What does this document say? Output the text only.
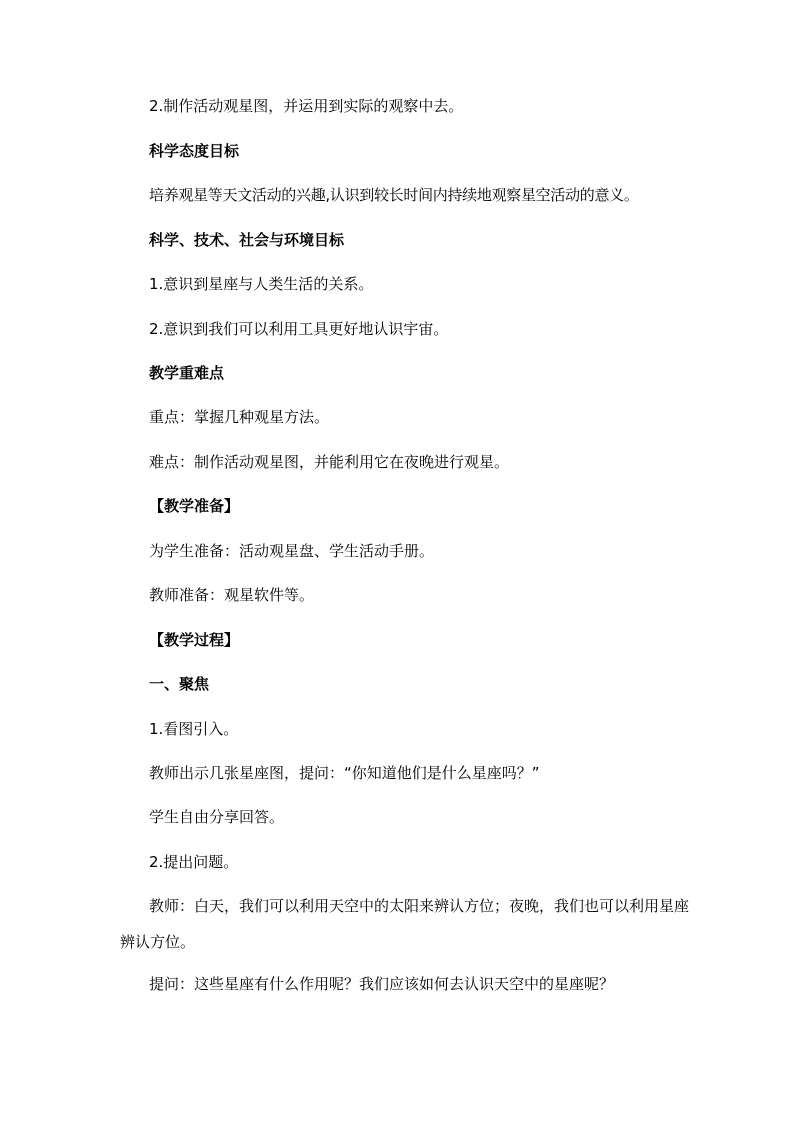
2.制作活动观星图，并运用到实际的观察中去。
科学态度目标
培养观星等天文活动的兴趣,认识到较长时间内持续地观察星空活动的意义。
科学、技术、社会与环境目标
1.意识到星座与人类生活的关系。
2.意识到我们可以利用工具更好地认识宇宙。
教学重难点
重点：掌握几种观星方法。
难点：制作活动观星图，并能利用它在夜晚进行观星。
【教学准备】
为学生准备：活动观星盘、学生活动手册。
教师准备：观星软件等。
【教学过程】
一、聚焦
1.看图引入。
教师出示几张星座图，提问：“你知道他们是什么星座吗？”
学生自由分享回答。
2.提出问题。
教师：白天，我们可以利用天空中的太阳来辨认方位；夜晚，我们也可以利用星座辨认方位。
提问：这些星座有什么作用呢？我们应该如何去认识天空中的星座呢？
